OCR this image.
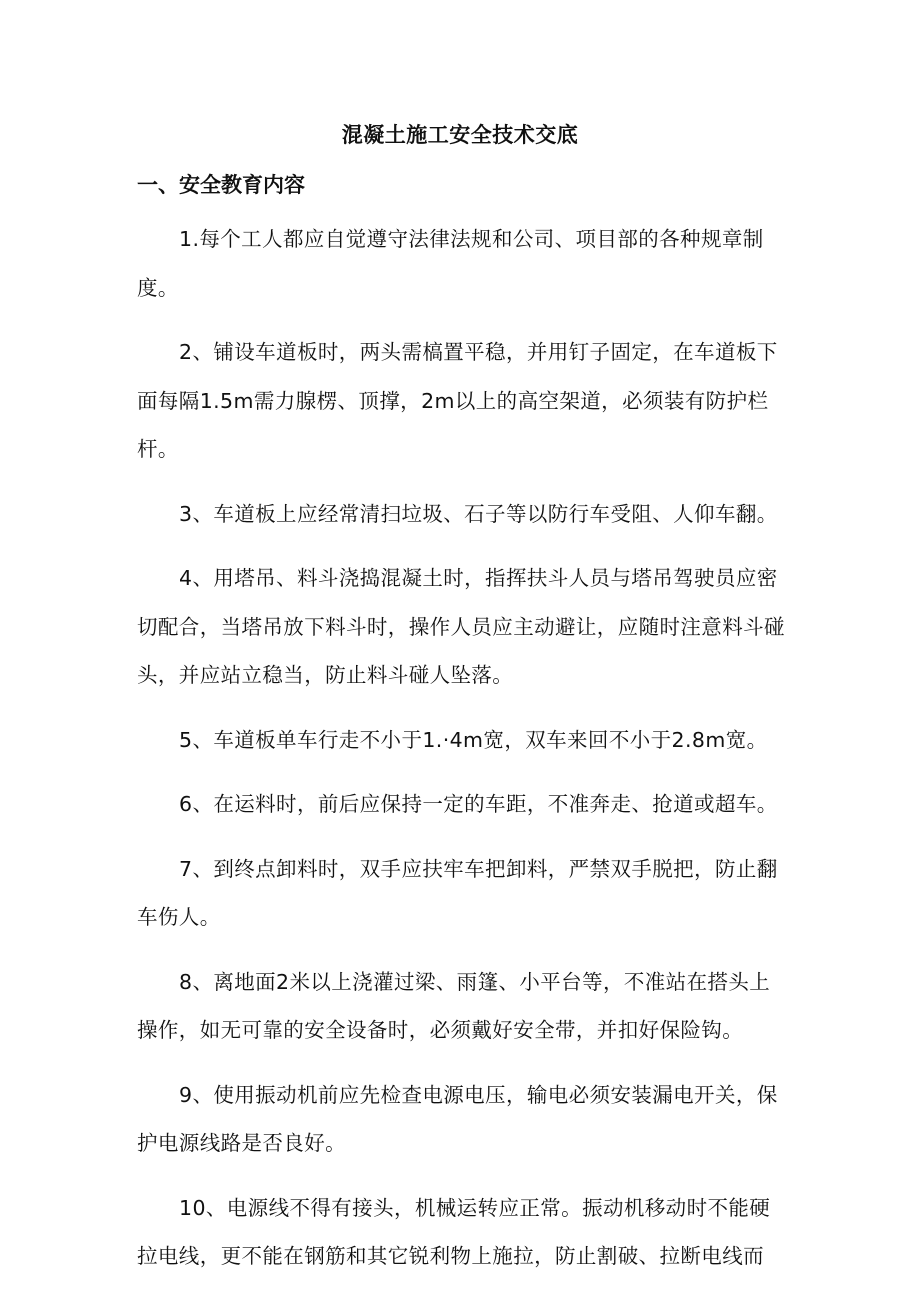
混凝土施工安全技术交底
一、安全教育内容

1.每个工人都应自觉遵守法律法规和公司、项目部的各种规章制度。

2、铺设车道板时，两头需槁置平稳，并用钉子固定，在车道板下面每隔1.5m需力腺楞、顶撑，2m以上的高空架道，必须装有防护栏杆。

3、车道板上应经常清扫垃圾、石子等以防行车受阻、人仰车翻。

4、用塔吊、料斗浇捣混凝土时，指挥扶斗人员与塔吊驾驶员应密切配合，当塔吊放下料斗时，操作人员应主动避让，应随时注意料斗碰头，并应站立稳当，防止料斗碰人坠落。

5、车道板单车行走不小于1.·4m宽，双车来回不小于2.8m宽。

6、在运料时，前后应保持一定的车距，不准奔走、抢道或超车。

7、到终点卸料时，双手应扶牢车把卸料，严禁双手脱把，防止翻车伤人。

8、离地面2米以上浇灌过梁、雨篷、小平台等，不准站在搭头上操作，如无可靠的安全设备时，必须戴好安全带，并扣好保险钩。

9、使用振动机前应先检查电源电压，输电必须安装漏电开关，保护电源线路是否良好。

10、电源线不得有接头，机械运转应正常。振动机移动时不能硬拉电线，更不能在钢筋和其它锐利物上施拉，防止割破、拉断电线而
